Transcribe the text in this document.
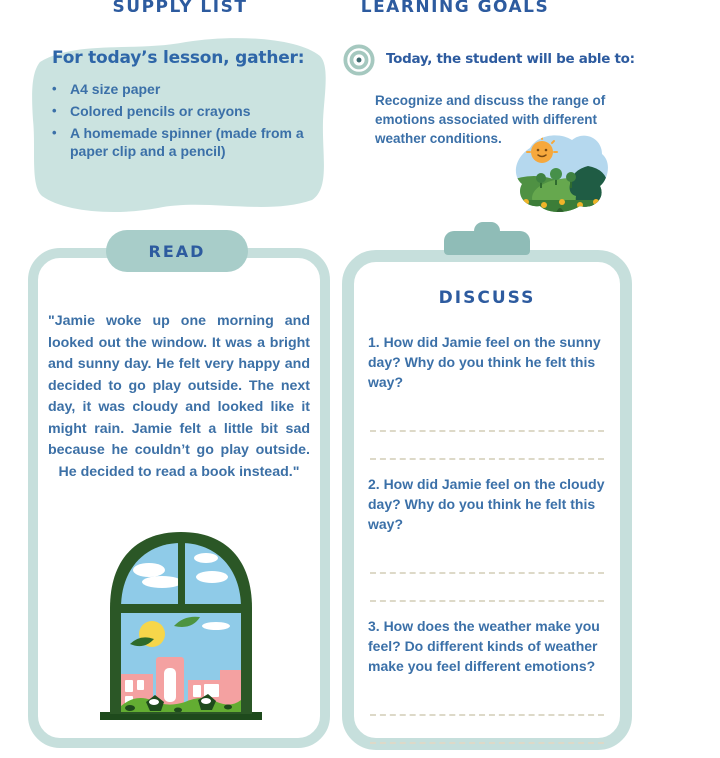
SUPPLY LIST	LEARNING GOALS
For today’s lesson, gather:
• A4 size paper
• Colored pencils or crayons
• A homemade spinner (made from a paper clip and a pencil)
Today, the student will be able to:
Recognize and discuss the range of emotions associated with different weather conditions.
READ
"Jamie woke up one morning and looked out the window. It was a bright and sunny day. He felt very happy and decided to go play outside. The next day, it was cloudy and looked like it might rain. Jamie felt a little bit sad because he couldn’t go play outside. He decided to read a book instead."
DISCUSS
1. How did Jamie feel on the sunny day? Why do you think he felt this way?
2. How did Jamie feel on the cloudy day? Why do you think he felt this way?
3. How does the weather make you feel? Do different kinds of weather make you feel different emotions?
